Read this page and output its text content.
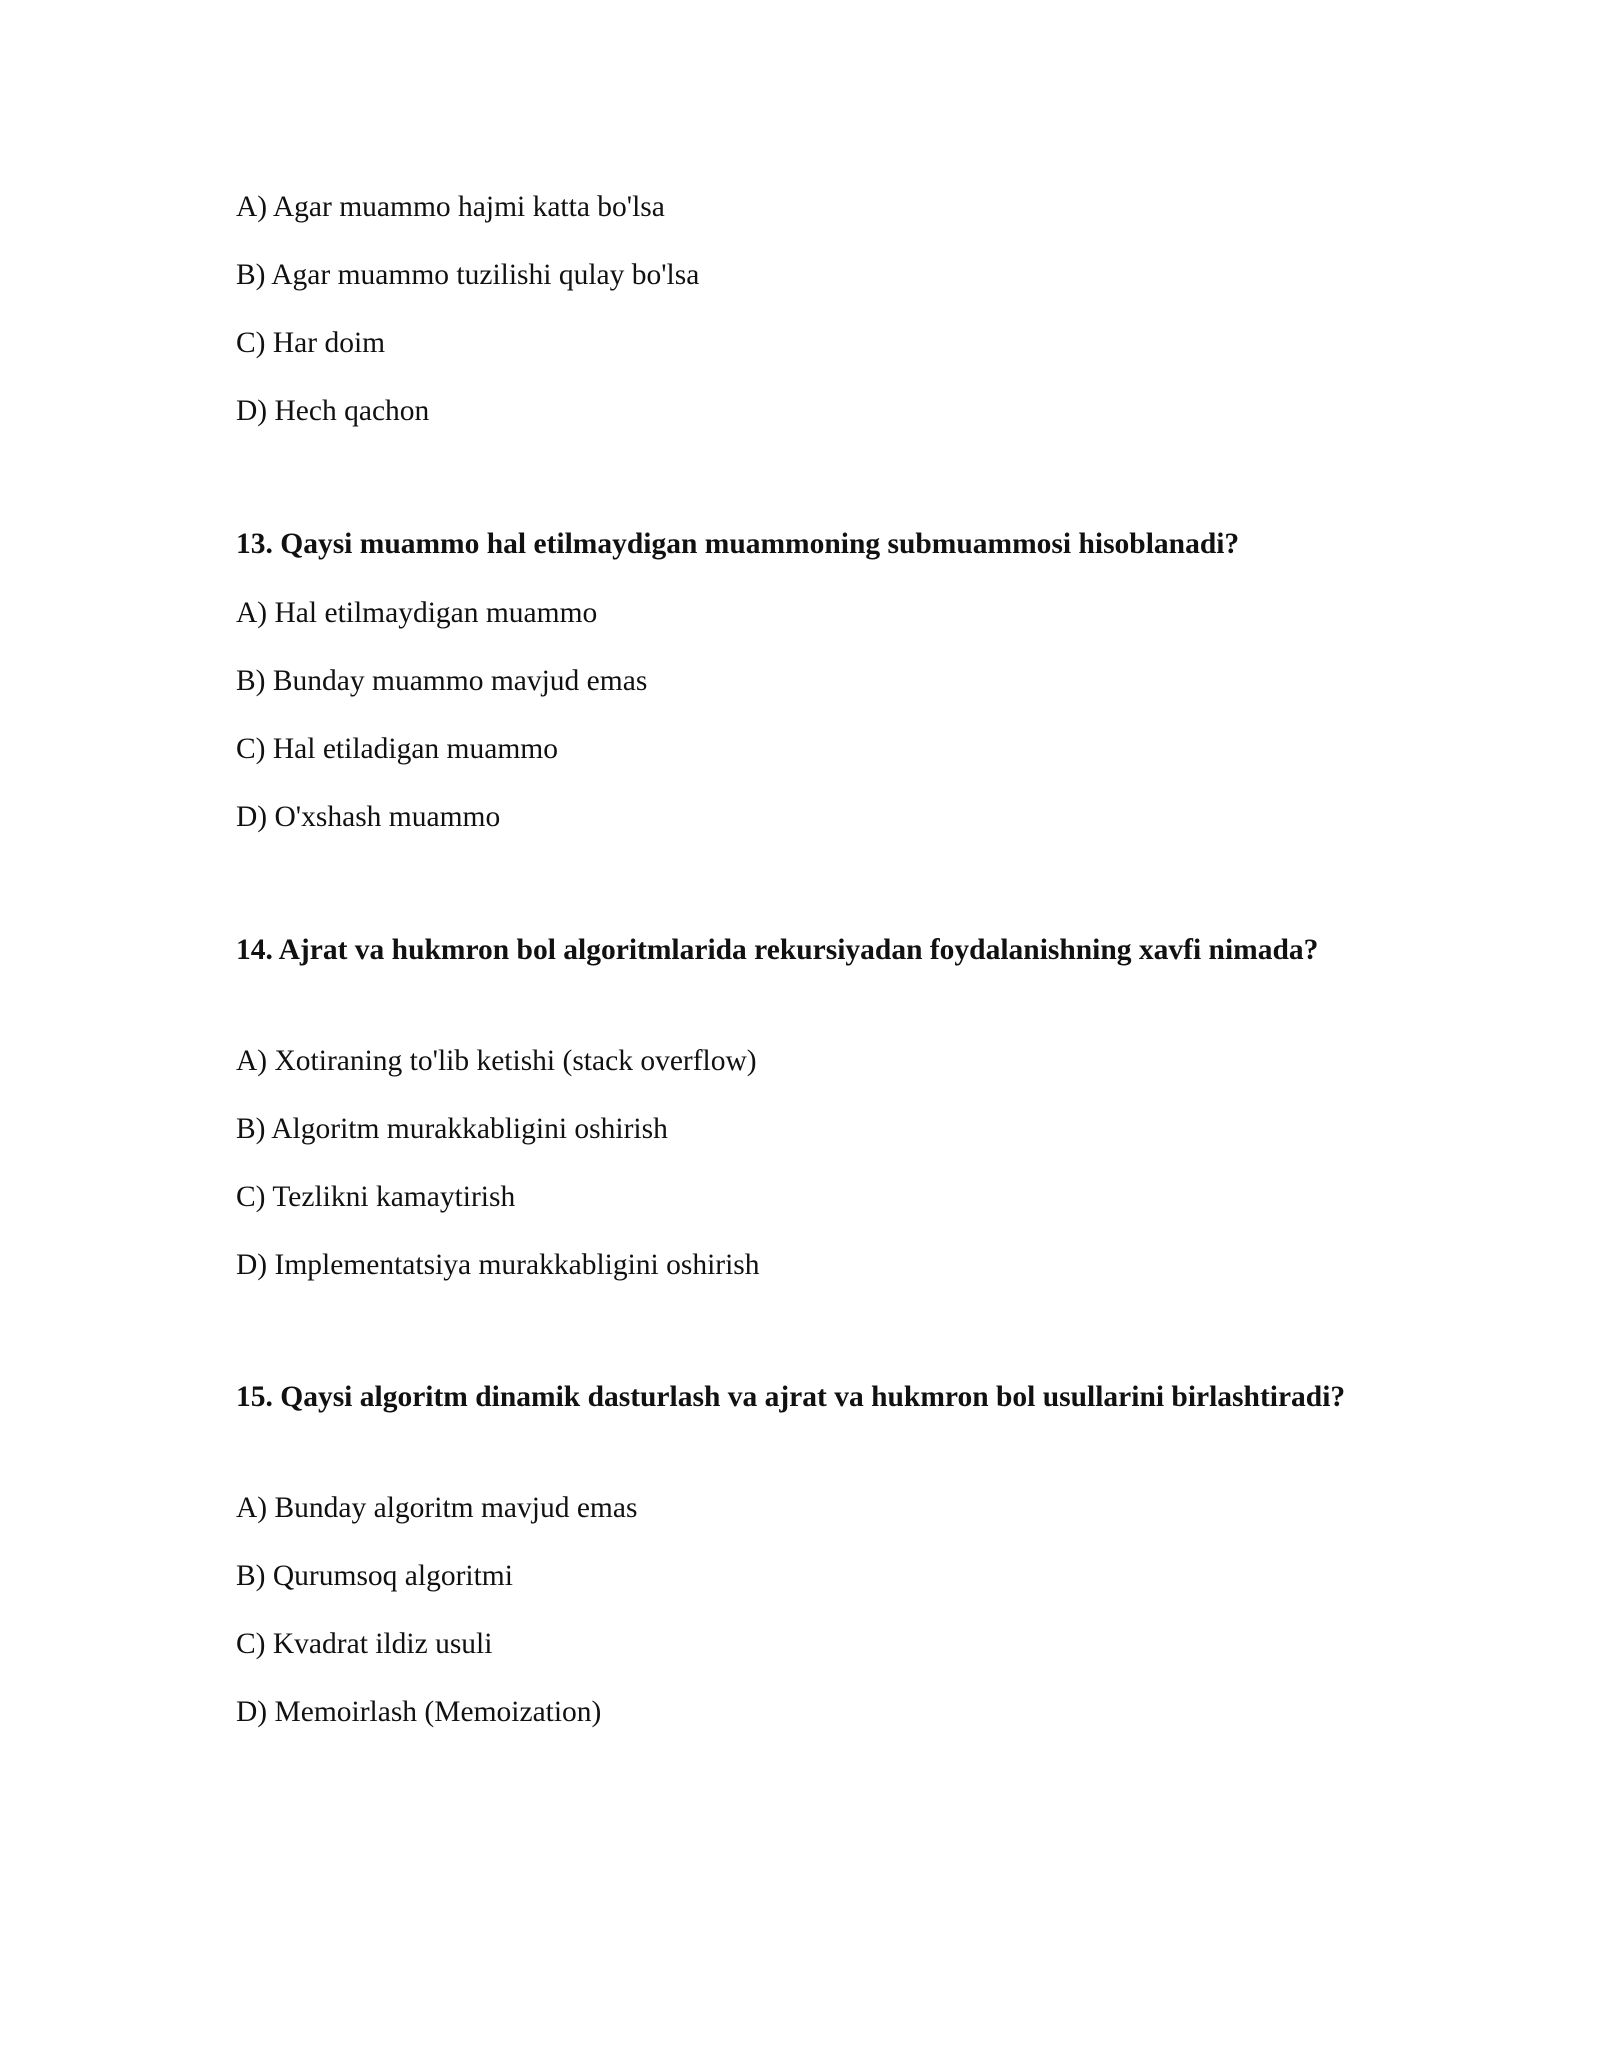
A) Agar muammo hajmi katta bo'lsa

B) Agar muammo tuzilishi qulay bo'lsa

C) Har doim

D) Hech qachon

13. Qaysi muammo hal etilmaydigan muammoning submuammosi hisoblanadi?

A) Hal etilmaydigan muammo

B) Bunday muammo mavjud emas

C) Hal etiladigan muammo

D) O'xshash muammo

14. Ajrat va hukmron bol algoritmlarida rekursiyadan foydalanishning xavfi nimada?

A) Xotiraning to'lib ketishi (stack overflow)

B) Algoritm murakkabligini oshirish

C) Tezlikni kamaytirish

D) Implementatsiya murakkabligini oshirish

15. Qaysi algoritm dinamik dasturlash va ajrat va hukmron bol usullarini birlashtiradi?

A) Bunday algoritm mavjud emas

B) Qurumsoq algoritmi

C) Kvadrat ildiz usuli

D) Memoirlash (Memoization)
